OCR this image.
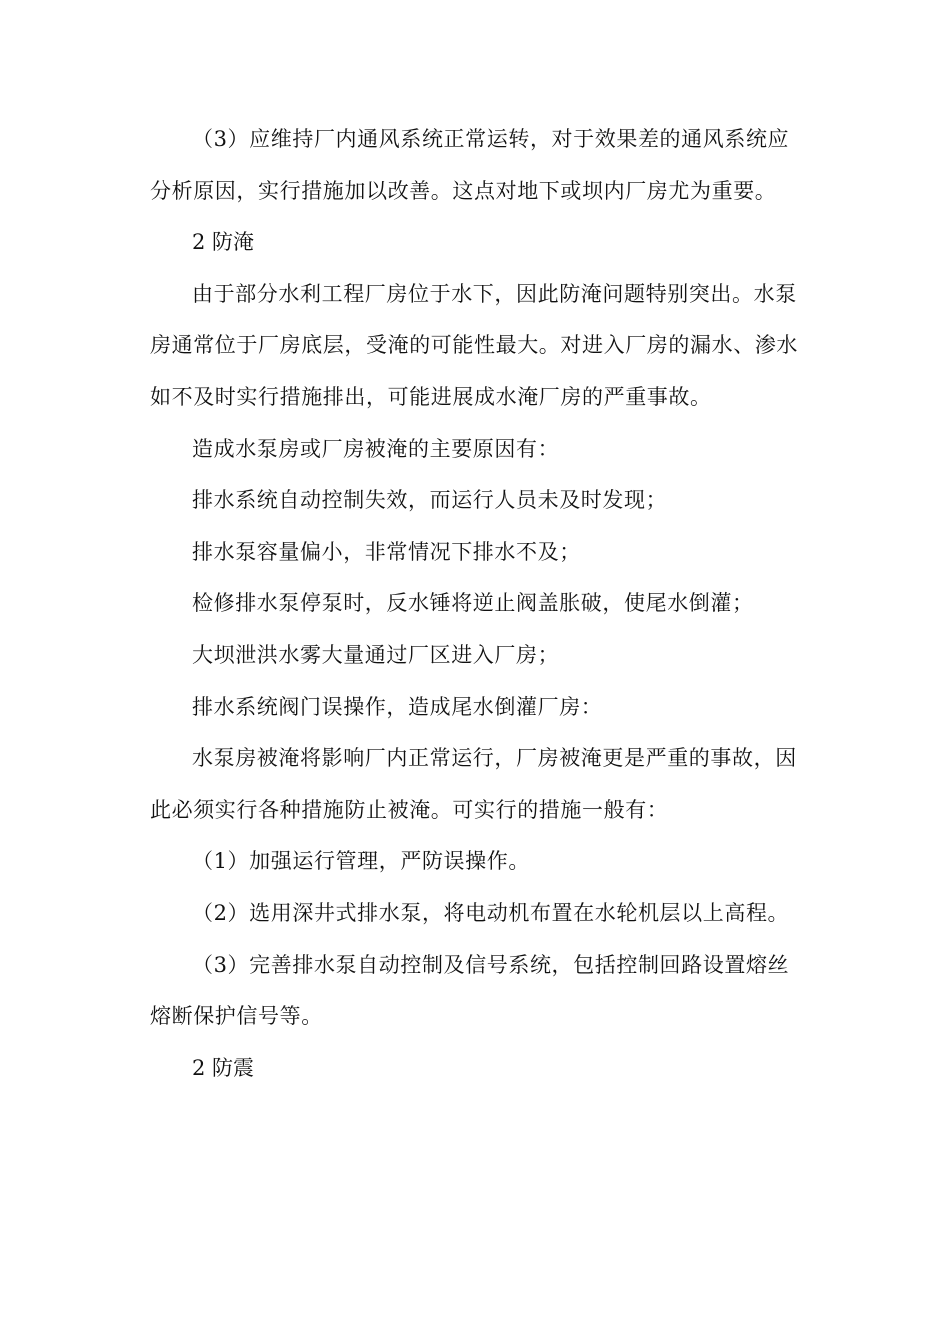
（3）应维持厂内通风系统正常运转，对于效果差的通风系统应分析原因，实行措施加以改善。这点对地下或坝内厂房尤为重要。

2 防淹

由于部分水利工程厂房位于水下，因此防淹问题特别突出。水泵房通常位于厂房底层，受淹的可能性最大。对进入厂房的漏水、渗水如不及时实行措施排出，可能进展成水淹厂房的严重事故。

造成水泵房或厂房被淹的主要原因有：

排水系统自动控制失效，而运行人员未及时发现；

排水泵容量偏小，非常情况下排水不及；

检修排水泵停泵时，反水锤将逆止阀盖胀破，使尾水倒灌；

大坝泄洪水雾大量通过厂区进入厂房；

排水系统阀门误操作，造成尾水倒灌厂房：

水泵房被淹将影响厂内正常运行，厂房被淹更是严重的事故，因此必须实行各种措施防止被淹。可实行的措施一般有：

（1）加强运行管理，严防误操作。

（2）选用深井式排水泵，将电动机布置在水轮机层以上高程。

（3）完善排水泵自动控制及信号系统，包括控制回路设置熔丝熔断保护信号等。

2 防震
